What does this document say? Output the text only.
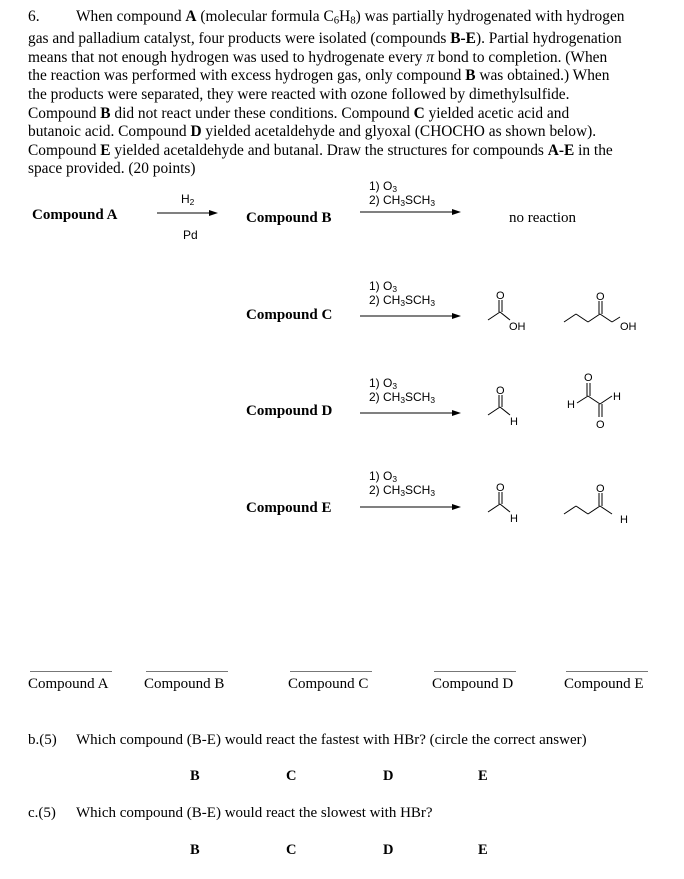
6. When compound A (molecular formula $C_6H_8$) was partially hydrogenated with hydrogen
gas and palladium catalyst, four products were isolated (compounds B-E). Partial hydrogenation
means that not enough hydrogen was used to hydrogenate every π bond to completion. (When
the reaction was performed with excess hydrogen gas, only compound B was obtained.) When
the products were separated, they were reacted with ozone followed by dimethylsulfide.
Compound B did not react under these conditions. Compound C yielded acetic acid and
butanoic acid. Compound D yielded acetaldehyde and glyoxal (CHOCHO as shown below).
Compound E yielded acetaldehyde and butanal. Draw the structures for compounds A-E in the
space provided. (20 points)
Compound A
$H_2$
Pd
Compound B
1) $O_3$
2) $CH_3SCH_3$
no reaction
Compound C
1) $O_3$
2) $CH_3SCH_3$
O
OH
O
OH
Compound D
1) $O_3$
2) $CH_3SCH_3$
O
H
O
O
H
H
Compound E
1) $O_3$
2) $CH_3SCH_3$	O
H
O
H
Compound A Compound B	Compound C	Compound D	Compound E
b.(5) Which compound (B-E) would react the fastest with HBr? (circle the correct answer)
B	C	D	E
c.(5) Which compound (B-E) would react the slowest with HBr?
B	C	D	E
